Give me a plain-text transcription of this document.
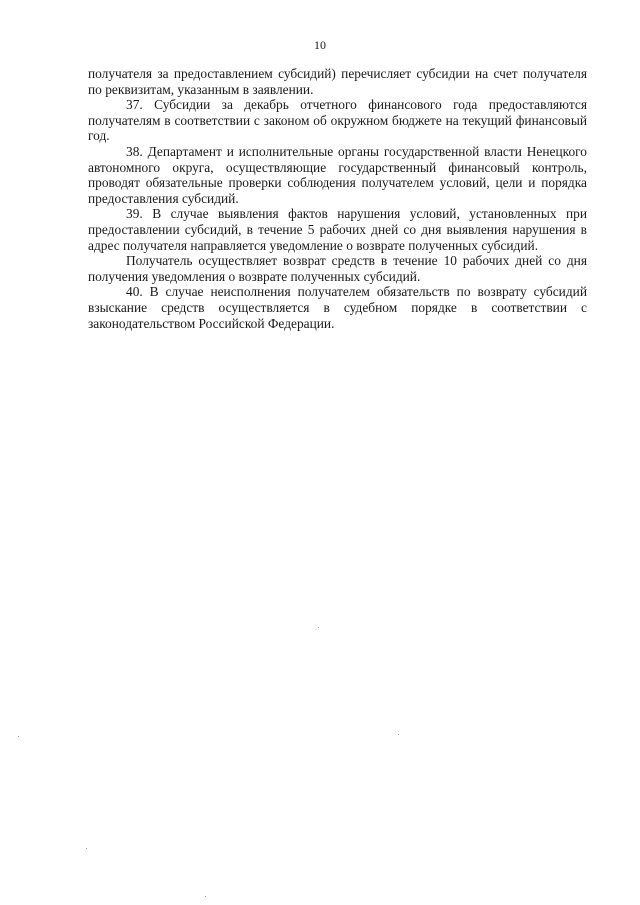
10

получателя за предоставлением субсидий) перечисляет субсидии на счет получателя по реквизитам, указанным в заявлении.

37. Субсидии за декабрь отчетного финансового года предоставляются получателям в соответствии с законом об окружном бюджете на текущий финансовый год.

38. Департамент и исполнительные органы государственной власти Ненецкого автономного округа, осуществляющие государственный финансовый контроль, проводят обязательные проверки соблюдения получателем условий, цели и порядка предоставления субсидий.

39. В случае выявления фактов нарушения условий, установленных при предоставлении субсидий, в течение 5 рабочих дней со дня выявления нарушения в адрес получателя направляется уведомление о возврате полученных субсидий.

Получатель осуществляет возврат средств в течение 10 рабочих дней со дня получения уведомления о возврате полученных субсидий.

40. В случае неисполнения получателем обязательств по возврату субсидий взыскание средств осуществляется в судебном порядке в соответствии с законодательством Российской Федерации.
